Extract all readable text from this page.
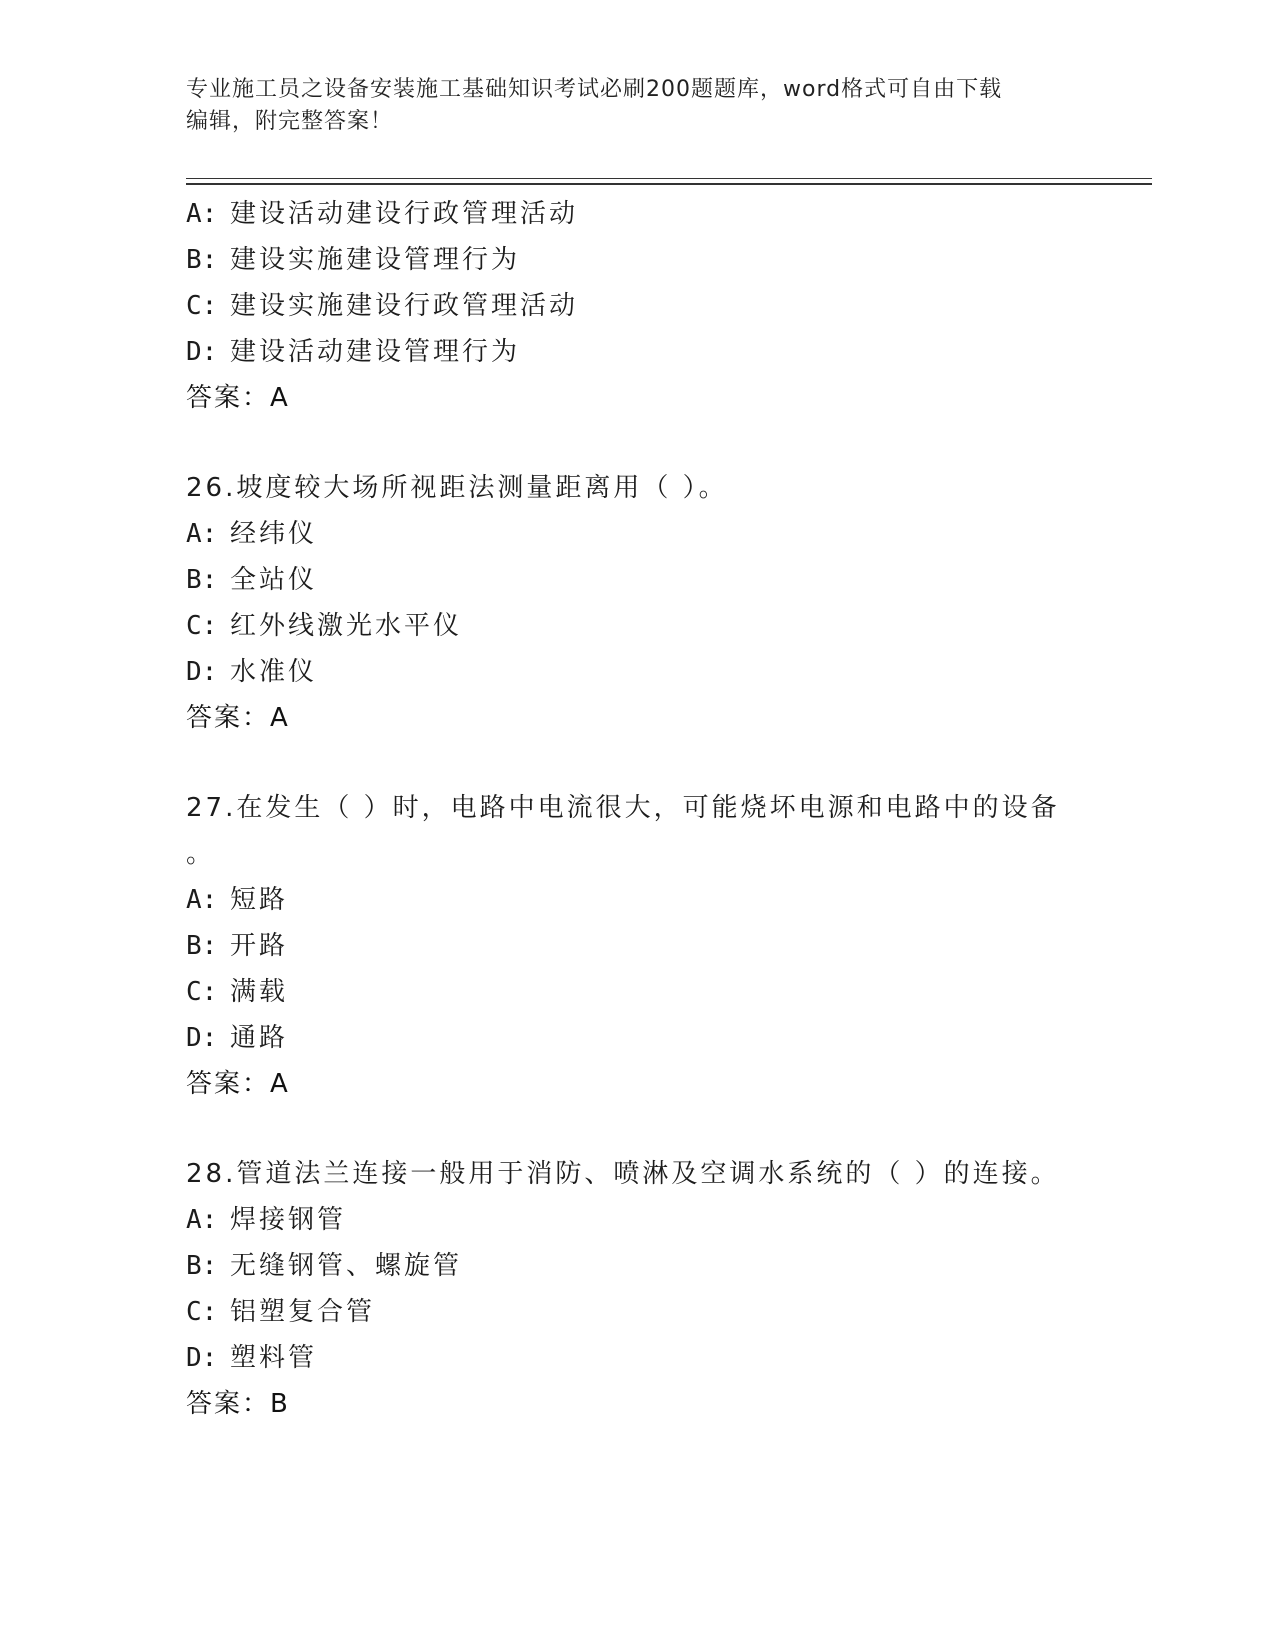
专业施工员之设备安装施工基础知识考试必刷200题题库，word格式可自由下载
编辑，附完整答案！
A: 建设活动建设行政管理活动
B: 建设实施建设管理行为
C: 建设实施建设行政管理活动
D: 建设活动建设管理行为
答案：A
26.坡度较大场所视距法测量距离用（ ）。
A: 经纬仪
B: 全站仪
C: 红外线激光水平仪
D: 水准仪
答案：A
27.在发生（ ）时，电路中电流很大，可能烧坏电源和电路中的设备
。
A: 短路
B: 开路
C: 满载
D: 通路
答案：A
28.管道法兰连接一般用于消防、喷淋及空调水系统的（ ）的连接。
A: 焊接钢管
B: 无缝钢管、螺旋管
C: 铝塑复合管
D: 塑料管
答案：B
